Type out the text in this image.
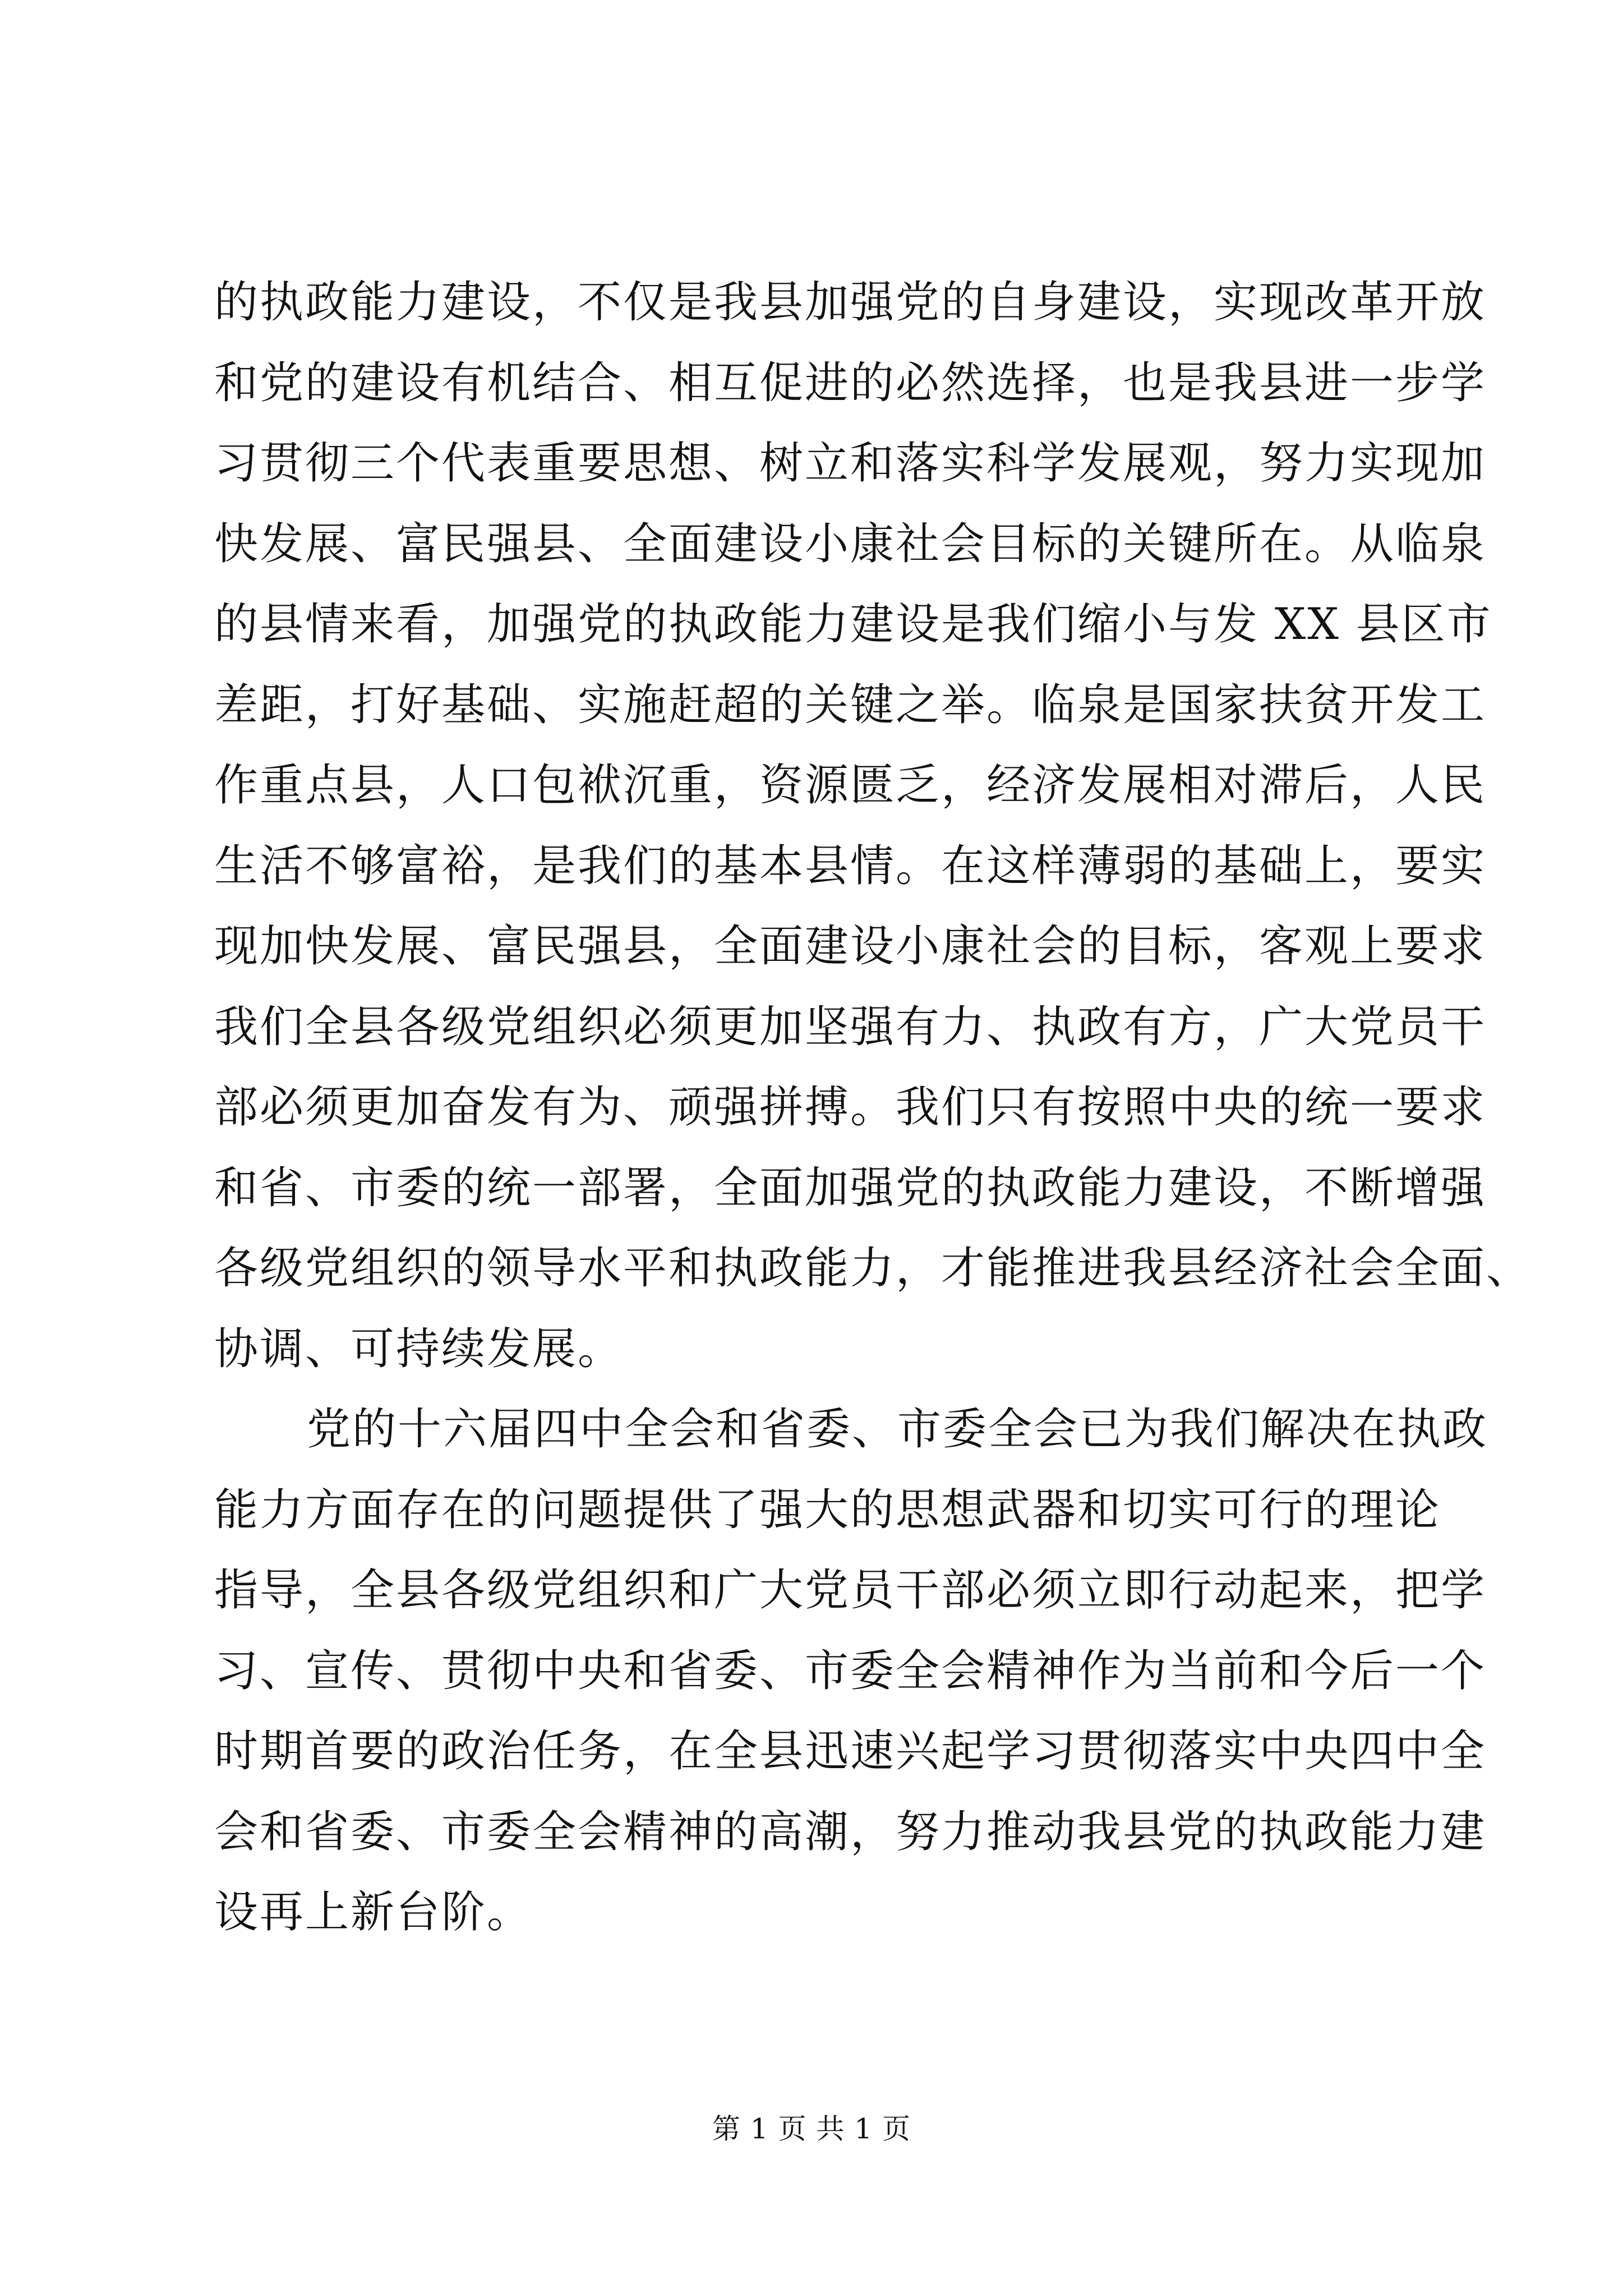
的执政能力建设，不仅是我县加强党的自身建设，实现改革开放
和党的建设有机结合、相互促进的必然选择，也是我县进一步学
习贯彻三个代表重要思想、树立和落实科学发展观，努力实现加
快发展、富民强县、全面建设小康社会目标的关键所在。从临泉
的县情来看，加强党的执政能力建设是我们缩小与发 XX 县区市
差距，打好基础、实施赶超的关键之举。临泉是国家扶贫开发工
作重点县，人口包袱沉重，资源匮乏，经济发展相对滞后，人民
生活不够富裕，是我们的基本县情。在这样薄弱的基础上，要实
现加快发展、富民强县，全面建设小康社会的目标，客观上要求
我们全县各级党组织必须更加坚强有力、执政有方，广大党员干
部必须更加奋发有为、顽强拼搏。我们只有按照中央的统一要求
和省、市委的统一部署，全面加强党的执政能力建设，不断增强
各级党组织的领导水平和执政能力，才能推进我县经济社会全面、
协调、可持续发展。
党的十六届四中全会和省委、市委全会已为我们解决在执政
能力方面存在的问题提供了强大的思想武器和切实可行的理论
指导，全县各级党组织和广大党员干部必须立即行动起来，把学
习、宣传、贯彻中央和省委、市委全会精神作为当前和今后一个
时期首要的政治任务，在全县迅速兴起学习贯彻落实中央四中全
会和省委、市委全会精神的高潮，努力推动我县党的执政能力建
设再上新台阶。
第 1 页 共 1 页
